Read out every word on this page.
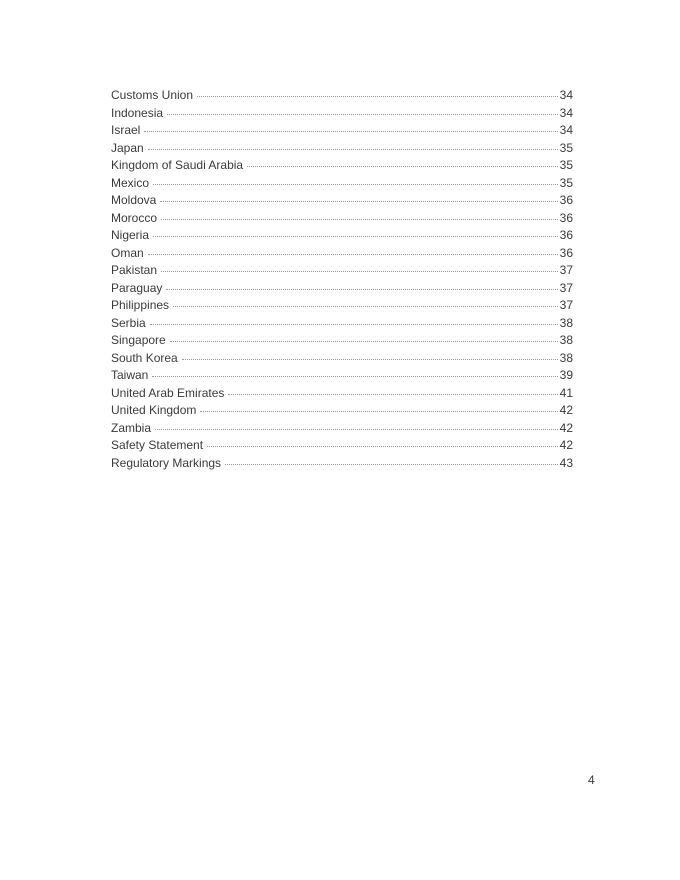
Customs Union	34
Indonesia	34
Israel	34
Japan	35
Kingdom of Saudi Arabia	35
Mexico	35
Moldova	36
Morocco	36
Nigeria	36
Oman	36
Pakistan	37
Paraguay	37
Philippines	37
Serbia	38
Singapore	38
South Korea	38
Taiwan	39
United Arab Emirates	41
United Kingdom	42
Zambia	42
Safety Statement	42
Regulatory Markings	43
4
